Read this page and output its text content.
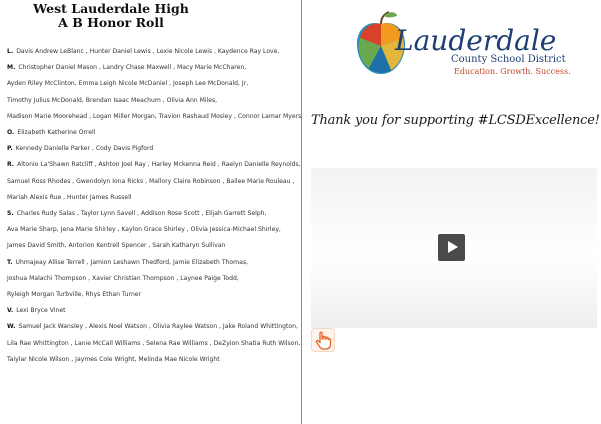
West Lauderdale High
A B Honor Roll
L. Davis Andrew LeBlanc , Hunter Daniel Lewis , Lexie Nicole Lewis , Kaydence Ray Love,
M. Christopher Daniel Mason , Landry Chase Maxwell , Macy Marie McCharen,
Ayden Riley McClinton, Emma Leigh Nicole McDaniel , Joseph Lee McDonald, Jr,
Timothy Julius McDonald, Brendan Isaac Meachum , Olivia Ann Miles,
Madison Marie Moorehead , Logan Miller Morgan, Travion Rashaud Mosley , Connor Lamar Myers
O. Elizabeth Katherine Orrell
P. Kennedy Danielle Parker , Cody Davis Pigford
R. Altonio La'Shawn Ratcliff , Ashton Joel Ray , Harley Mckenna Reid , Raelyn Danielle Reynolds,
Samuel Ross Rhodes , Gwendolyn Iona Ricks , Mallory Claire Robinson , Bailee Marie Rouleau ,
Mariah Alexis Rue , Hunter James Russell
S. Charles Rudy Salas , Taylor Lynn Savell , Addison Rose Scott , Elijah Garrett Selph,
Ava Marie Sharp, Jena Marie Shirley , Kaylon Grace Shirley , Olivia Jessica-Michael Shirley,
James David Smith, Antorion Kentrell Spencer , Sarah Katharyn Sullivan
T. Uhmajeay Allise Terrell , Jamion Leshawn Thedford, Jamie Elizabeth Thomas,
Joshua Malachi Thompson , Xavier Christian Thompson , Laynee Paige Todd,
Ryleigh Morgan Turbville, Rhys Ethan Turner
V. Lexi Bryce Vinet
W. Samuel Jack Wansley , Alexis Noel Watson , Olivia Raylee Watson , Jake Roland Whittington,
Lila Rae Whittington , Lanie McCall Williams , Selena Rae Williams , DeZyion Shatia Ruth Wilson,
Taiylar Nicole Wilson , Jaymes Cole Wright, Melinda Mae Nicole Wright
Lauderdale
County School District
Education. Growth. Success.
Thank you for supporting #LCSDExcellence!
